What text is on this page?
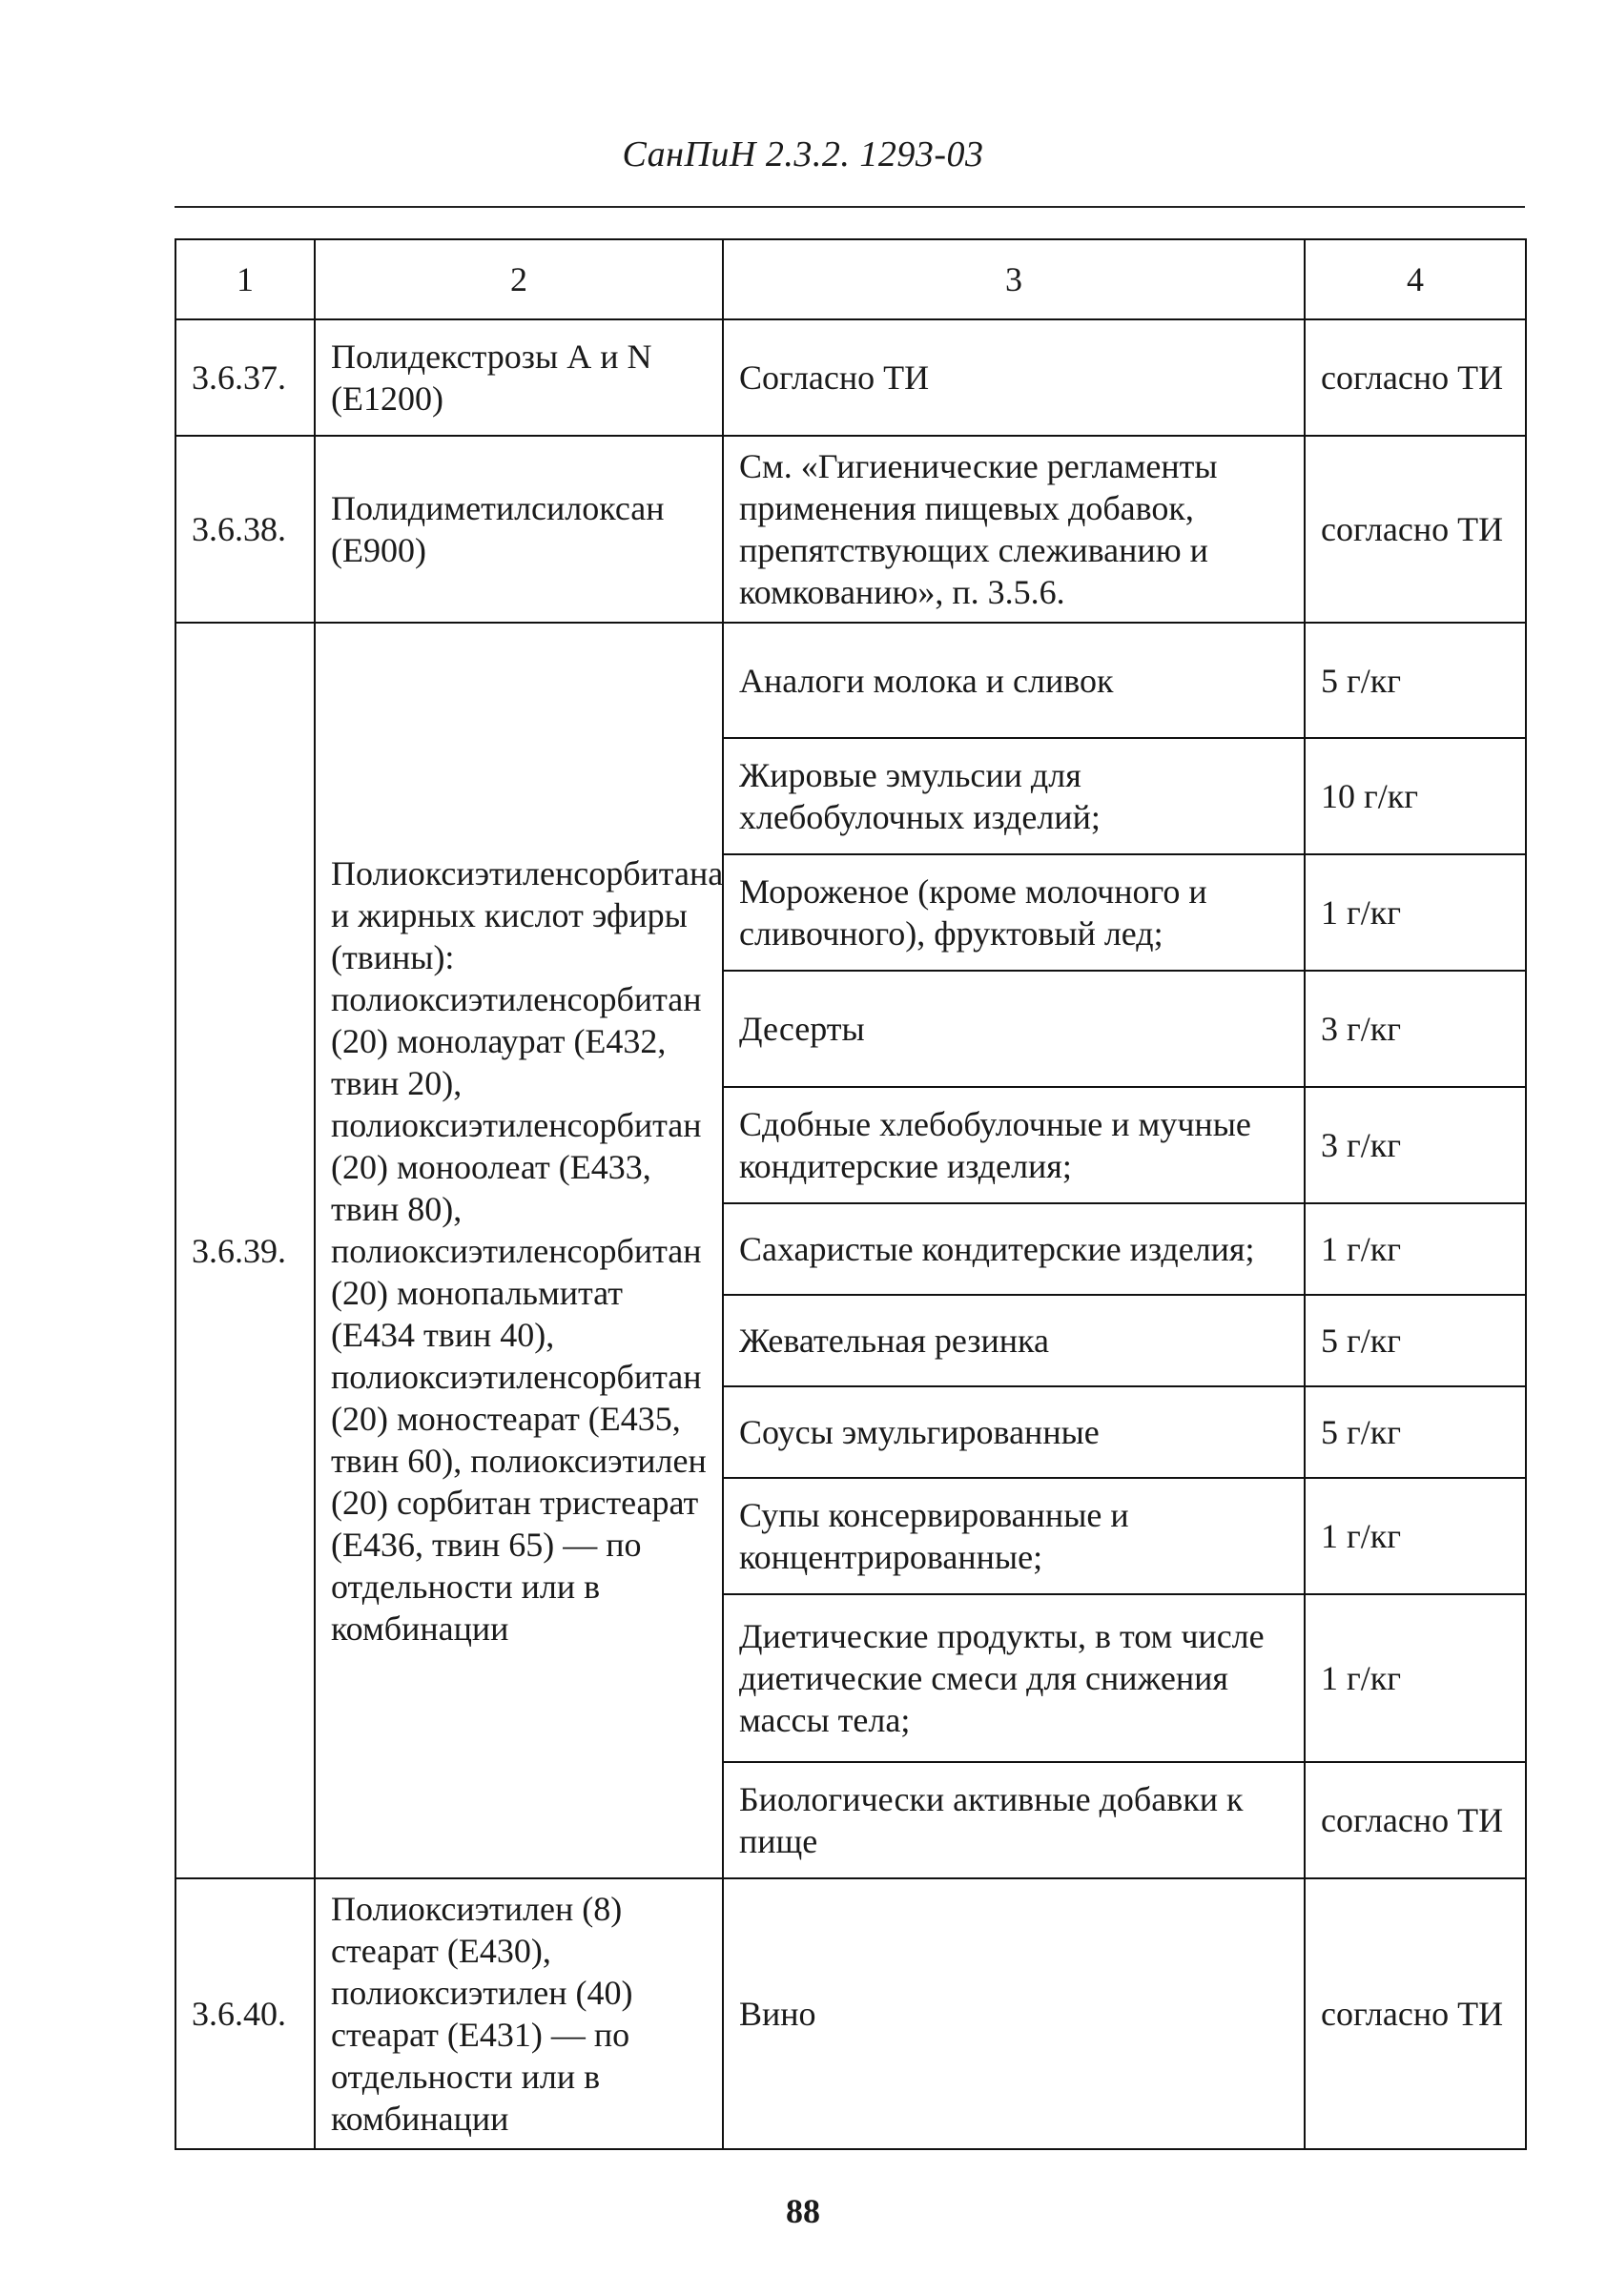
СанПиН 2.3.2. 1293-03
1	2	3	4
3.6.37.	Полидекстрозы А и N (Е1200)	Согласно ТИ	согласно ТИ
3.6.38.	Полидиметилсилоксан (Е900)	См. «Гигиенические регламенты применения пищевых добавок, препятствующих слеживанию и комкованию», п. 3.5.6.	согласно ТИ
3.6.39.	Полиоксиэтиленсорбитана и жирных кислот эфиры (твины): полиоксиэтиленсорбитан (20) монолаурат (Е432, твин 20), полиоксиэтиленсорбитан (20) моноолеат (Е433, твин 80), полиоксиэтиленсорбитан (20) монопальмитат (Е434 твин 40), полиоксиэтиленсорбитан (20) моностеарат (Е435, твин 60), полиоксиэтилен (20) сорбитан тристеарат (Е436, твин 65) — по отдельности или в комбинации	Аналоги молока и сливок	5 г/кг
		Жировые эмульсии для хлебобулочных изделий;	10 г/кг
		Мороженое (кроме молочного и сливочного), фруктовый лед;	1 г/кг
		Десерты	3 г/кг
		Сдобные хлебобулочные и мучные кондитерские изделия;	3 г/кг
		Сахаристые кондитерские изделия;	1 г/кг
		Жевательная резинка	5 г/кг
		Соусы эмульгированные	5 г/кг
		Супы консервированные и концентрированные;	1 г/кг
		Диетические продукты, в том числе диетические смеси для снижения массы тела;	1 г/кг
		Биологически активные добавки к пище	согласно ТИ
3.6.40.	Полиоксиэтилен (8) стеарат (Е430), полиоксиэтилен (40) стеарат (Е431) — по отдельности или в комбинации	Вино	согласно ТИ
88
